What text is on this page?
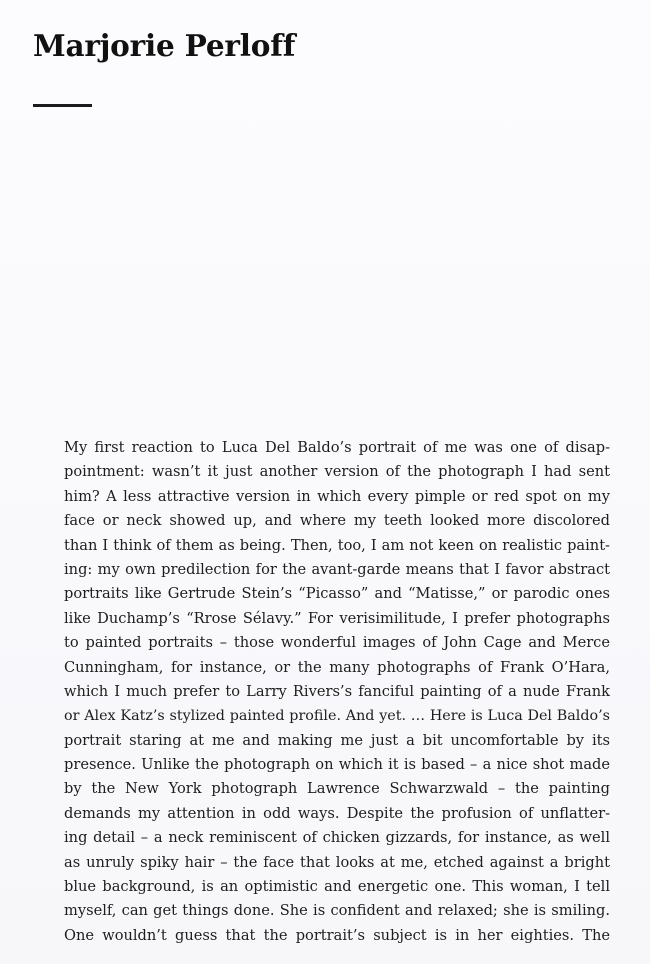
Marjorie Perloff
My first reaction to Luca Del Baldo’s portrait of me was one of disap-
pointment: wasn’t it just another version of the photograph I had sent
him? A less attractive version in which every pimple or red spot on my
face or neck showed up, and where my teeth looked more discolored
than I think of them as being. Then, too, I am not keen on realistic paint-
ing: my own predilection for the avant-garde means that I favor abstract
portraits like Gertrude Stein’s “Picasso” and “Matisse,” or parodic ones
like Duchamp’s “Rrose Sélavy.” For verisimilitude, I prefer photographs
to painted portraits – those wonderful images of John Cage and Merce
Cunningham, for instance, or the many photographs of Frank O’Hara,
which I much prefer to Larry Rivers’s fanciful painting of a nude Frank
or Alex Katz’s stylized painted profile. And yet. … Here is Luca Del Baldo’s
portrait staring at me and making me just a bit uncomfortable by its
presence. Unlike the photograph on which it is based – a nice shot made
by the New York photograph Lawrence Schwarzwald – the painting
demands my attention in odd ways. Despite the profusion of unflatter-
ing detail – a neck reminiscent of chicken gizzards, for instance, as well
as unruly spiky hair – the face that looks at me, etched against a bright
blue background, is an optimistic and energetic one. This woman, I tell
myself, can get things done. She is confident and relaxed; she is smiling.
One wouldn’t guess that the portrait’s subject is in her eighties. The
